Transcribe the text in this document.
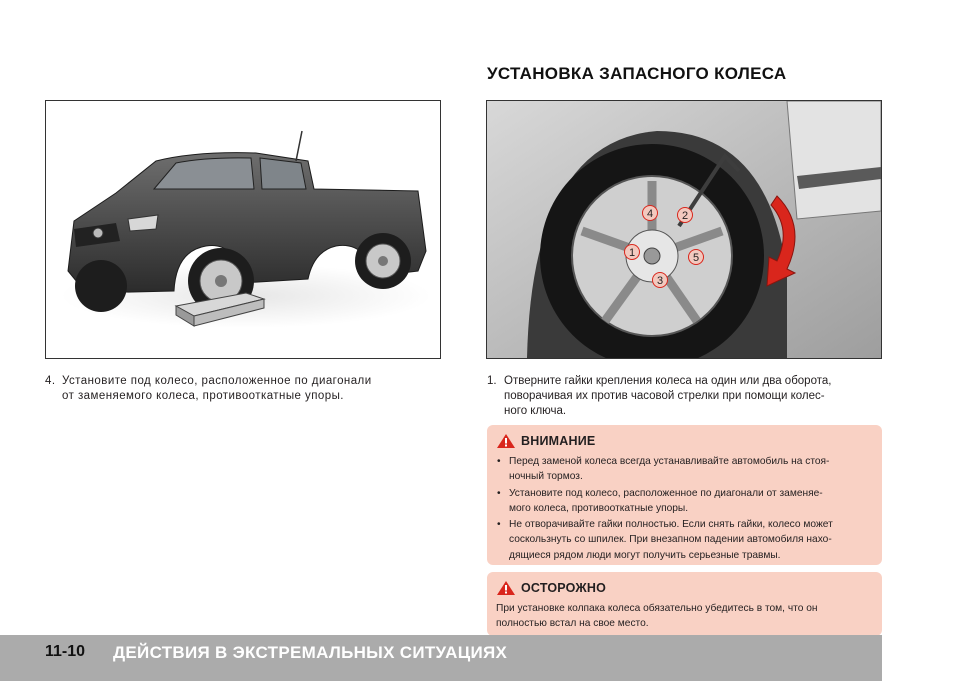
УСТАНОВКА ЗАПАСНОГО КОЛЕСА
4	2
1	5
3
4. Установите под колесо, расположенное по диагонали
от заменяемого колеса, противооткатные упоры.
1. Отверните гайки крепления колеса на один или два оборота,
поворачивая их против часовой стрелки при помощи колес-
ного ключа.
ВНИМАНИЕ
• Перед заменой колеса всегда устанавливайте автомобиль на стоя-
ночный тормоз.
• Установите под колесо, расположенное по диагонали от заменяе-
мого колеса, противооткатные упоры.
• Не отворачивайте гайки полностью. Если снять гайки, колесо может
соскользнуть со шпилек. При внезапном падении автомобиля нахо-
дящиеся рядом люди могут получить серьезные травмы.
ОСТОРОЖНО

При установке колпака колеса обязательно убедитесь в том, что он

полностью встал на свое место.

11-10 ДЕЙСТВИЯ В ЭКСТРЕМАЛЬНЫХ СИТУАЦИЯХ
